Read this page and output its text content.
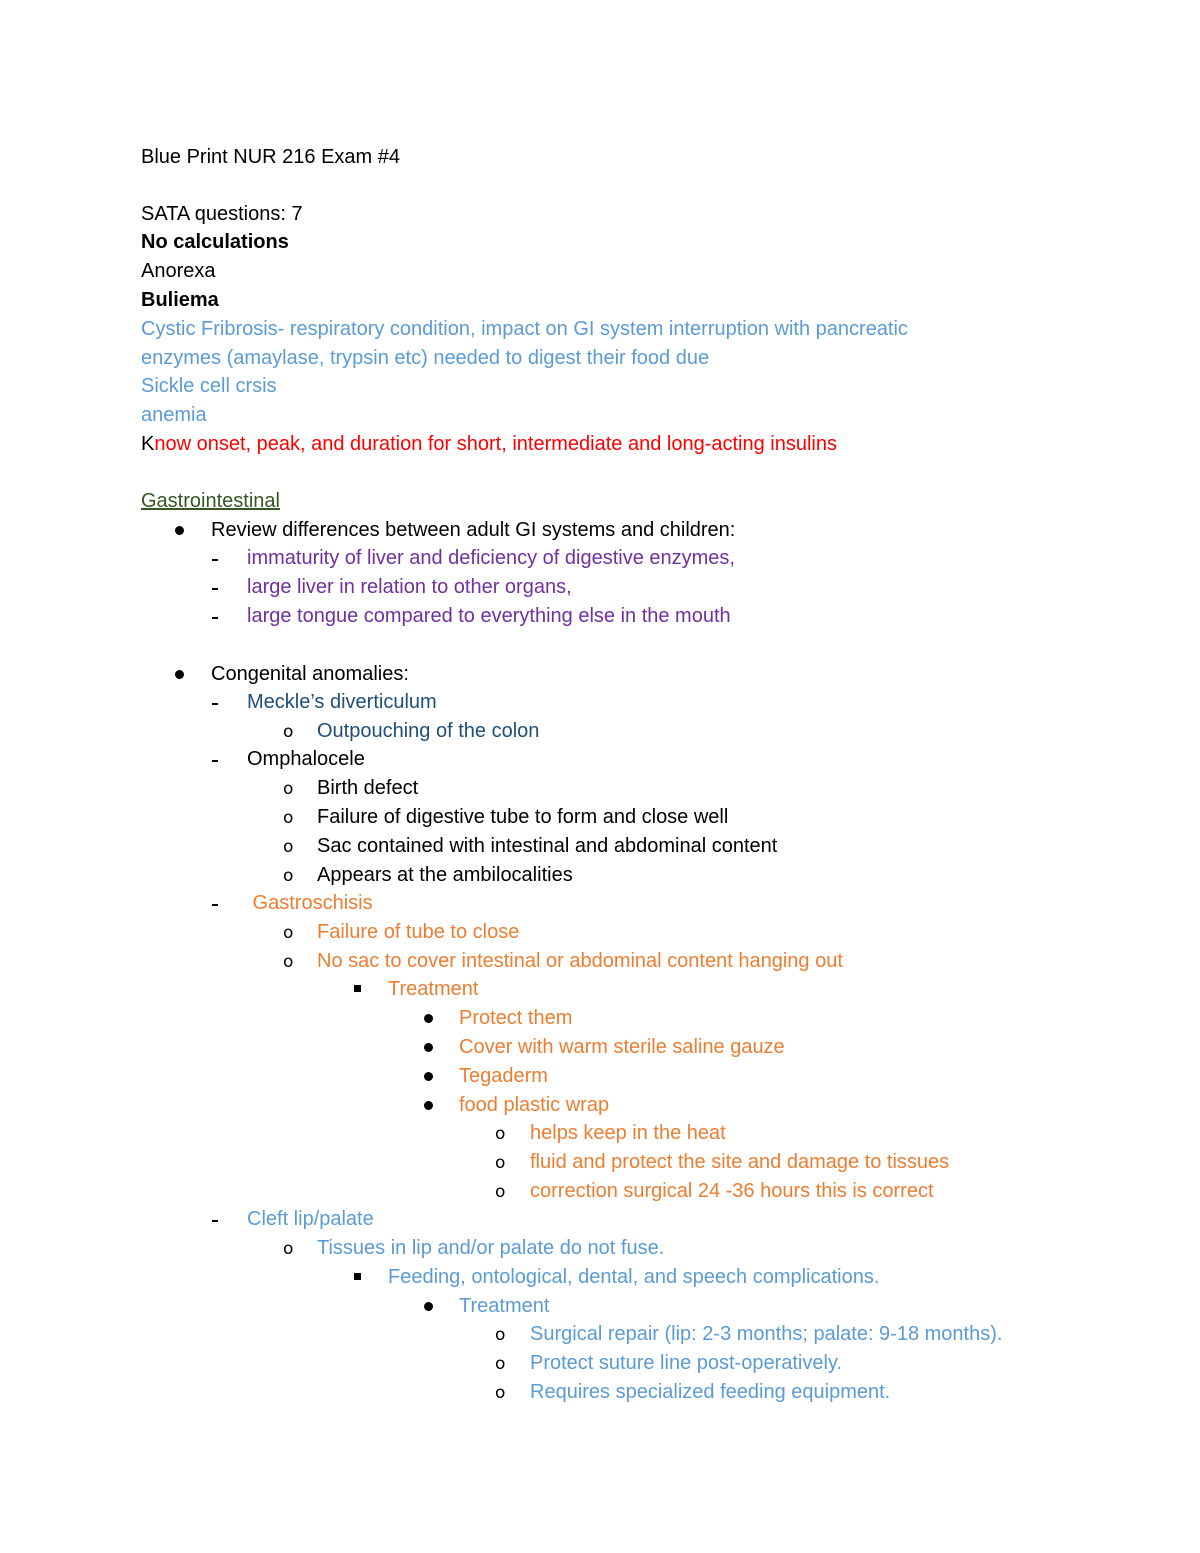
Blue Print NUR 216 Exam #4
SATA questions: 7
No calculations
Anorexa
Buliema
Cystic Fribrosis- respiratory condition, impact on GI system interruption with pancreatic
enzymes (amaylase, trypsin etc) needed to digest their food due
Sickle cell crsis
anemia
Know onset, peak, and duration for short, intermediate and long-acting insulins
Gastrointestinal
Review differences between adult GI systems and children:
immaturity of liver and deficiency of digestive enzymes,
large liver in relation to other organs,
large tongue compared to everything else in the mouth
Congenital anomalies:
Meckle’s diverticulum
o Outpouching of the colon
Omphalocele
o Birth defect
o Failure of digestive tube to form and close well
o Sac contained with intestinal and abdominal content
o Appears at the ambilocalities
Gastroschisis
o Failure of tube to close
o No sac to cover intestinal or abdominal content hanging out
Treatment
Protect them
Cover with warm sterile saline gauze
Tegaderm
food plastic wrap
o helps keep in the heat
o fluid and protect the site and damage to tissues
o correction surgical 24 -36 hours this is correct
Cleft lip/palate
o Tissues in lip and/or palate do not fuse.
Feeding, ontological, dental, and speech complications.
Treatment
o Surgical repair (lip: 2-3 months; palate: 9-18 months).
o Protect suture line post-operatively.
o Requires specialized feeding equipment.
